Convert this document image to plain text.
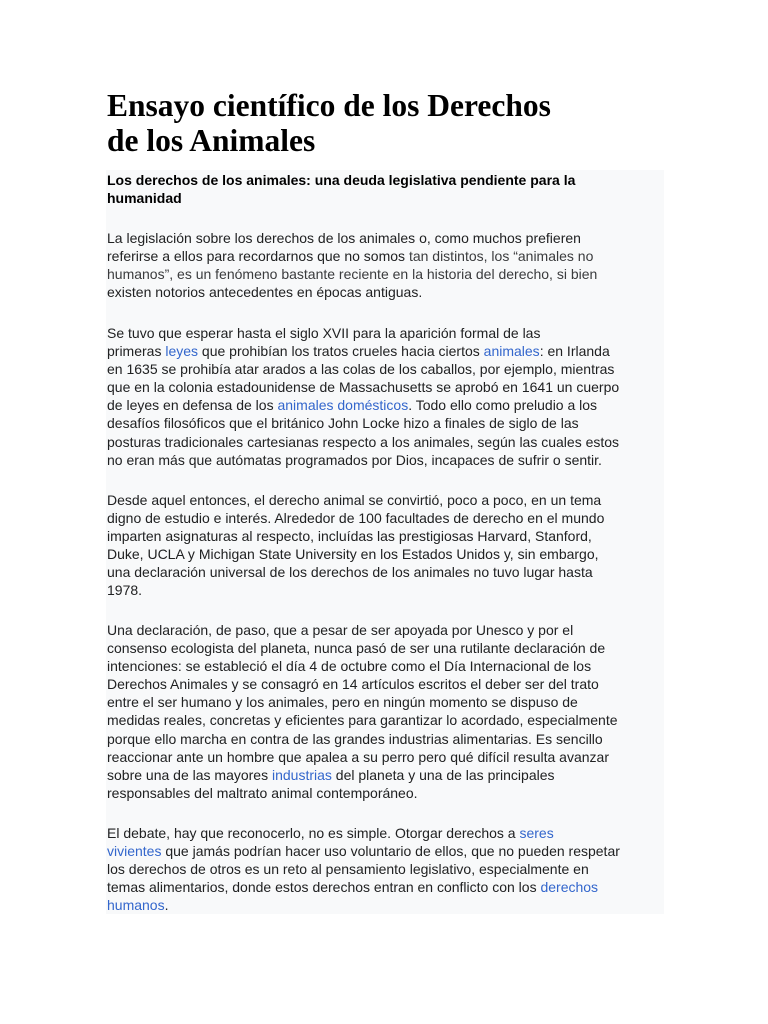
Ensayo científico de los Derechos
de los Animales
Los derechos de los animales: una deuda legislativa pendiente para la
humanidad

La legislación sobre los derechos de los animales o, como muchos prefieren
referirse a ellos para recordarnos que no somos tan distintos, los “animales no
humanos”, es un fenómeno bastante reciente en la historia del derecho, si bien
existen notorios antecedentes en épocas antiguas.

Se tuvo que esperar hasta el siglo XVII para la aparición formal de las
primeras leyes que prohibían los tratos crueles hacia ciertos animales: en Irlanda
en 1635 se prohibía atar arados a las colas de los caballos, por ejemplo, mientras
que en la colonia estadounidense de Massachusetts se aprobó en 1641 un cuerpo
de leyes en defensa de los animales domésticos. Todo ello como preludio a los
desafíos filosóficos que el británico John Locke hizo a finales de siglo de las
posturas tradicionales cartesianas respecto a los animales, según las cuales estos
no eran más que autómatas programados por Dios, incapaces de sufrir o sentir.

Desde aquel entonces, el derecho animal se convirtió, poco a poco, en un tema
digno de estudio e interés. Alrededor de 100 facultades de derecho en el mundo
imparten asignaturas al respecto, incluídas las prestigiosas Harvard, Stanford,
Duke, UCLA y Michigan State University en los Estados Unidos y, sin embargo,
una declaración universal de los derechos de los animales no tuvo lugar hasta
1978.

Una declaración, de paso, que a pesar de ser apoyada por Unesco y por el
consenso ecologista del planeta, nunca pasó de ser una rutilante declaración de
intenciones: se estableció el día 4 de octubre como el Día Internacional de los
Derechos Animales y se consagró en 14 artículos escritos el deber ser del trato
entre el ser humano y los animales, pero en ningún momento se dispuso de
medidas reales, concretas y eficientes para garantizar lo acordado, especialmente
porque ello marcha en contra de las grandes industrias alimentarias. Es sencillo
reaccionar ante un hombre que apalea a su perro pero qué difícil resulta avanzar
sobre una de las mayores industrias del planeta y una de las principales
responsables del maltrato animal contemporáneo.

El debate, hay que reconocerlo, no es simple. Otorgar derechos a seres
vivientes que jamás podrían hacer uso voluntario de ellos, que no pueden respetar
los derechos de otros es un reto al pensamiento legislativo, especialmente en
temas alimentarios, donde estos derechos entran en conflicto con los derechos
humanos.
